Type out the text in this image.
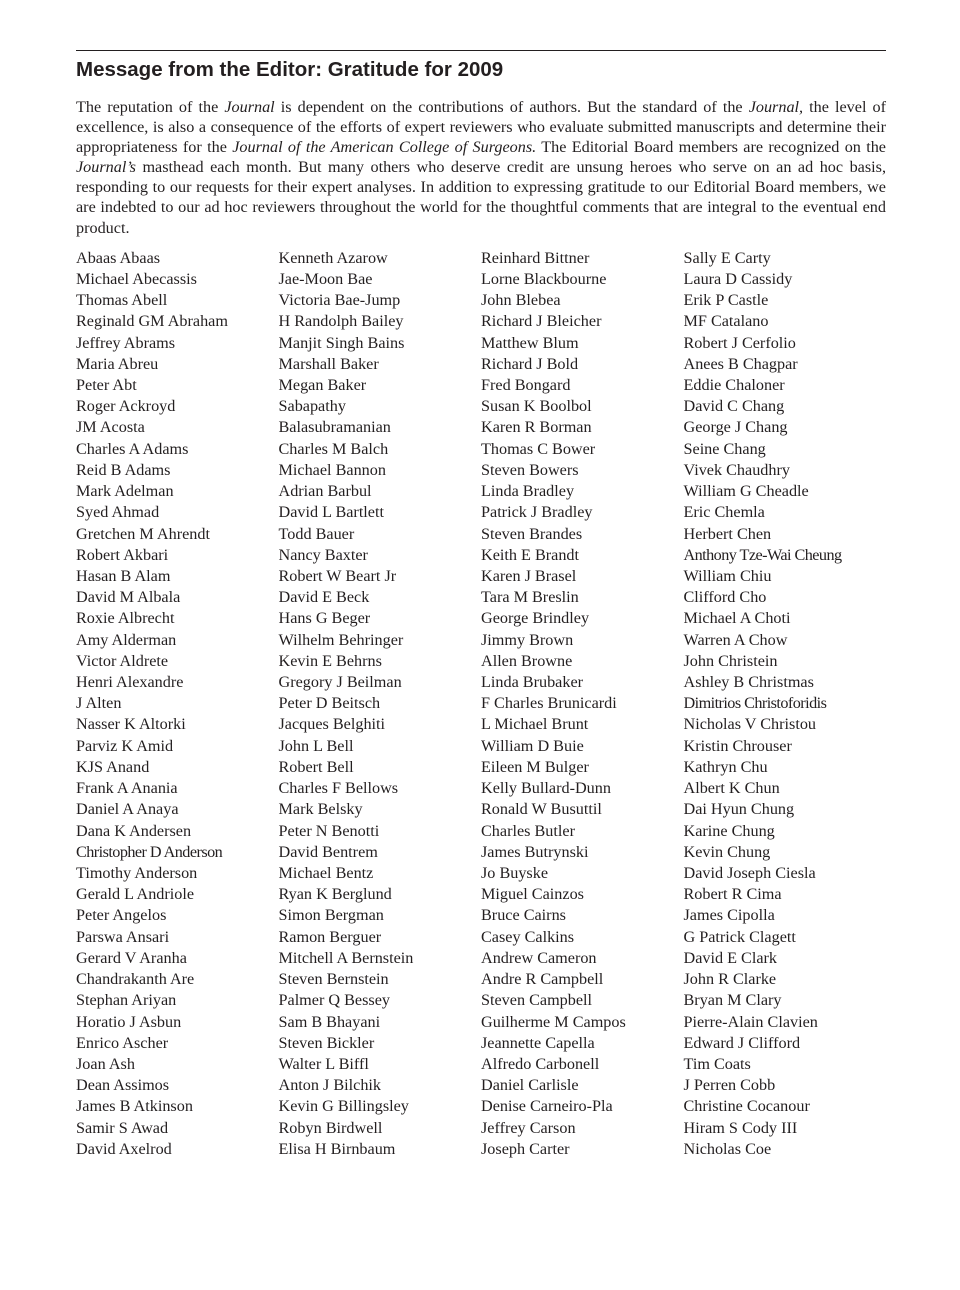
Message from the Editor: Gratitude for 2009

The reputation of the Journal is dependent on the contributions of authors. But the standard of the Journal, the level of excellence, is also a consequence of the efforts of expert reviewers who evaluate submitted manuscripts and determine their appropriateness for the Journal of the American College of Surgeons. The Editorial Board members are recognized on the Journal’s masthead each month. But many others who deserve credit are unsung heroes who serve on an ad hoc basis, responding to our requests for their expert analyses. In addition to expressing gratitude to our Editorial Board members, we are indebted to our ad hoc reviewers throughout the world for the thoughtful comments that are integral to the eventual end product.

Abaas Abaas
Michael Abecassis
Thomas Abell
Reginald GM Abraham
Jeffrey Abrams
Maria Abreu
Peter Abt
Roger Ackroyd
JM Acosta
Charles A Adams
Reid B Adams
Mark Adelman
Syed Ahmad
Gretchen M Ahrendt
Robert Akbari
Hasan B Alam
David M Albala
Roxie Albrecht
Amy Alderman
Victor Aldrete
Henri Alexandre
J Alten
Nasser K Altorki
Parviz K Amid
KJS Anand
Frank A Anania
Daniel A Anaya
Dana K Andersen
Christopher D Anderson
Timothy Anderson
Gerald L Andriole
Peter Angelos
Parswa Ansari
Gerard V Aranha
Chandrakanth Are
Stephan Ariyan
Horatio J Asbun
Enrico Ascher
Joan Ash
Dean Assimos
James B Atkinson
Samir S Awad
David Axelrod
Kenneth Azarow
Jae-Moon Bae
Victoria Bae-Jump
H Randolph Bailey
Manjit Singh Bains
Marshall Baker
Megan Baker
Sabapathy
Balasubramanian
Charles M Balch
Michael Bannon
Adrian Barbul
David L Bartlett
Todd Bauer
Nancy Baxter
Robert W Beart Jr
David E Beck
Hans G Beger
Wilhelm Behringer
Kevin E Behrns
Gregory J Beilman
Peter D Beitsch
Jacques Belghiti
John L Bell
Robert Bell
Charles F Bellows
Mark Belsky
Peter N Benotti
David Bentrem
Michael Bentz
Ryan K Berglund
Simon Bergman
Ramon Berguer
Mitchell A Bernstein
Steven Bernstein
Palmer Q Bessey
Sam B Bhayani
Steven Bickler
Walter L Biffl
Anton J Bilchik
Kevin G Billingsley
Robyn Birdwell
Elisa H Birnbaum
Reinhard Bittner
Lorne Blackbourne
John Blebea
Richard J Bleicher
Matthew Blum
Richard J Bold
Fred Bongard
Susan K Boolbol
Karen R Borman
Thomas C Bower
Steven Bowers
Linda Bradley
Patrick J Bradley
Steven Brandes
Keith E Brandt
Karen J Brasel
Tara M Breslin
George Brindley
Jimmy Brown
Allen Browne
Linda Brubaker
F Charles Brunicardi
L Michael Brunt
William D Buie
Eileen M Bulger
Kelly Bullard-Dunn
Ronald W Busuttil
Charles Butler
James Butrynski
Jo Buyske
Miguel Cainzos
Bruce Cairns
Casey Calkins
Andrew Cameron
Andre R Campbell
Steven Campbell
Guilherme M Campos
Jeannette Capella
Alfredo Carbonell
Daniel Carlisle
Denise Carneiro-Pla
Jeffrey Carson
Joseph Carter
Sally E Carty
Laura D Cassidy
Erik P Castle
MF Catalano
Robert J Cerfolio
Anees B Chagpar
Eddie Chaloner
David C Chang
George J Chang
Seine Chang
Vivek Chaudhry
William G Cheadle
Eric Chemla
Herbert Chen
Anthony Tze-Wai Cheung
William Chiu
Clifford Cho
Michael A Choti
Warren A Chow
John Christein
Ashley B Christmas
Dimitrios Christoforidis
Nicholas V Christou
Kristin Chrouser
Kathryn Chu
Albert K Chun
Dai Hyun Chung
Karine Chung
Kevin Chung
David Joseph Ciesla
Robert R Cima
James Cipolla
G Patrick Clagett
David E Clark
John R Clarke
Bryan M Clary
Pierre-Alain Clavien
Edward J Clifford
Tim Coats
J Perren Cobb
Christine Cocanour
Hiram S Cody III
Nicholas Coe
